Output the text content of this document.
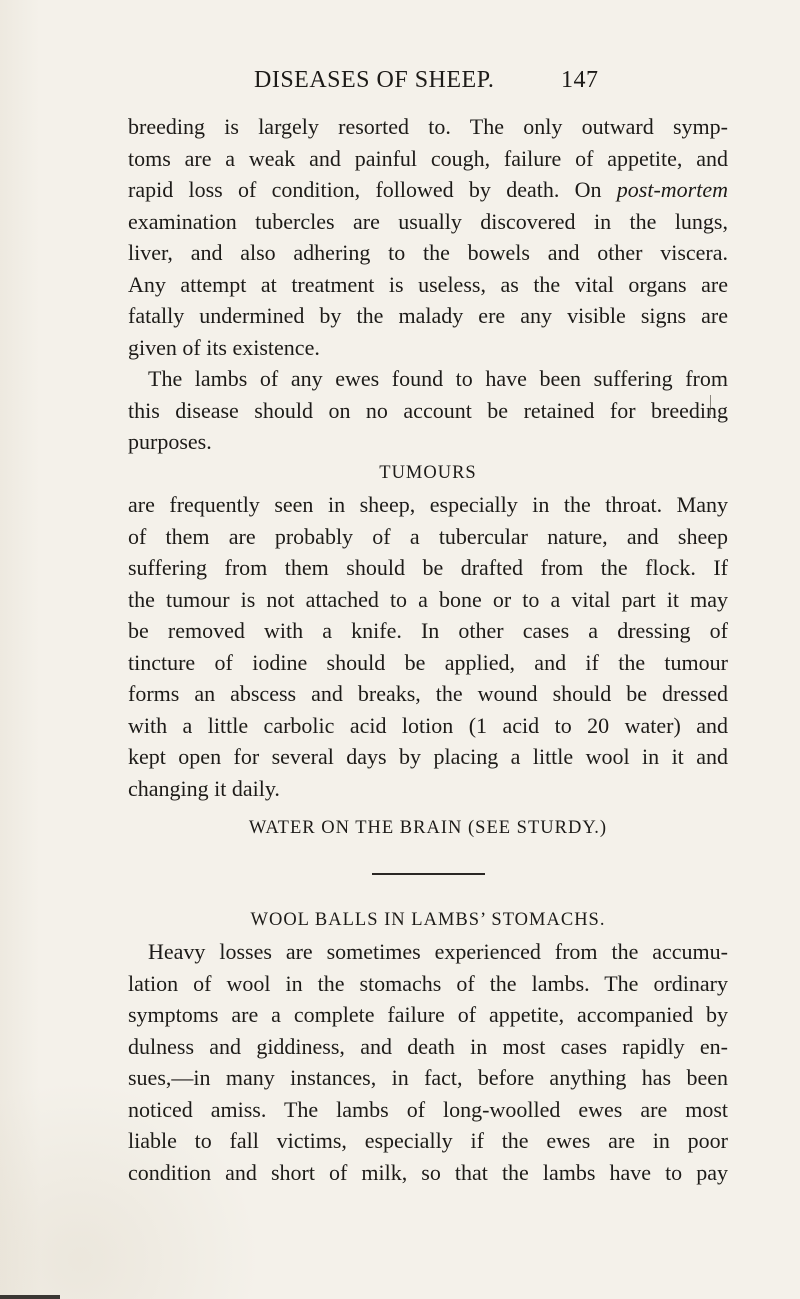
DISEASES OF SHEEP.	147
breeding is largely resorted to. The only outward symp-
toms are a weak and painful cough, failure of appetite, and
rapid loss of condition, followed by death. On post-mortem
examination tubercles are usually discovered in the lungs,
liver, and also adhering to the bowels and other viscera.
Any attempt at treatment is useless, as the vital organs are
fatally undermined by the malady ere any visible signs are
given of its existence.
The lambs of any ewes found to have been suffering from
this disease should on no account be retained for breeding
purposes.
TUMOURS
are frequently seen in sheep, especially in the throat. Many
of them are probably of a tubercular nature, and sheep
suffering from them should be drafted from the flock. If
the tumour is not attached to a bone or to a vital part it may
be removed with a knife. In other cases a dressing of
tincture of iodine should be applied, and if the tumour
forms an abscess and breaks, the wound should be dressed
with a little carbolic acid lotion (1 acid to 20 water) and
kept open for several days by placing a little wool in it and
changing it daily.
WATER ON THE BRAIN (SEE STURDY.)
WOOL BALLS IN LAMBS’ STOMACHS.
Heavy losses are sometimes experienced from the accumu-
lation of wool in the stomachs of the lambs. The ordinary
symptoms are a complete failure of appetite, accompanied by
dulness and giddiness, and death in most cases rapidly en-
sues,—in many instances, in fact, before anything has been
noticed amiss. The lambs of long-woolled ewes are most
liable to fall victims, especially if the ewes are in poor
condition and short of milk, so that the lambs have to pay
